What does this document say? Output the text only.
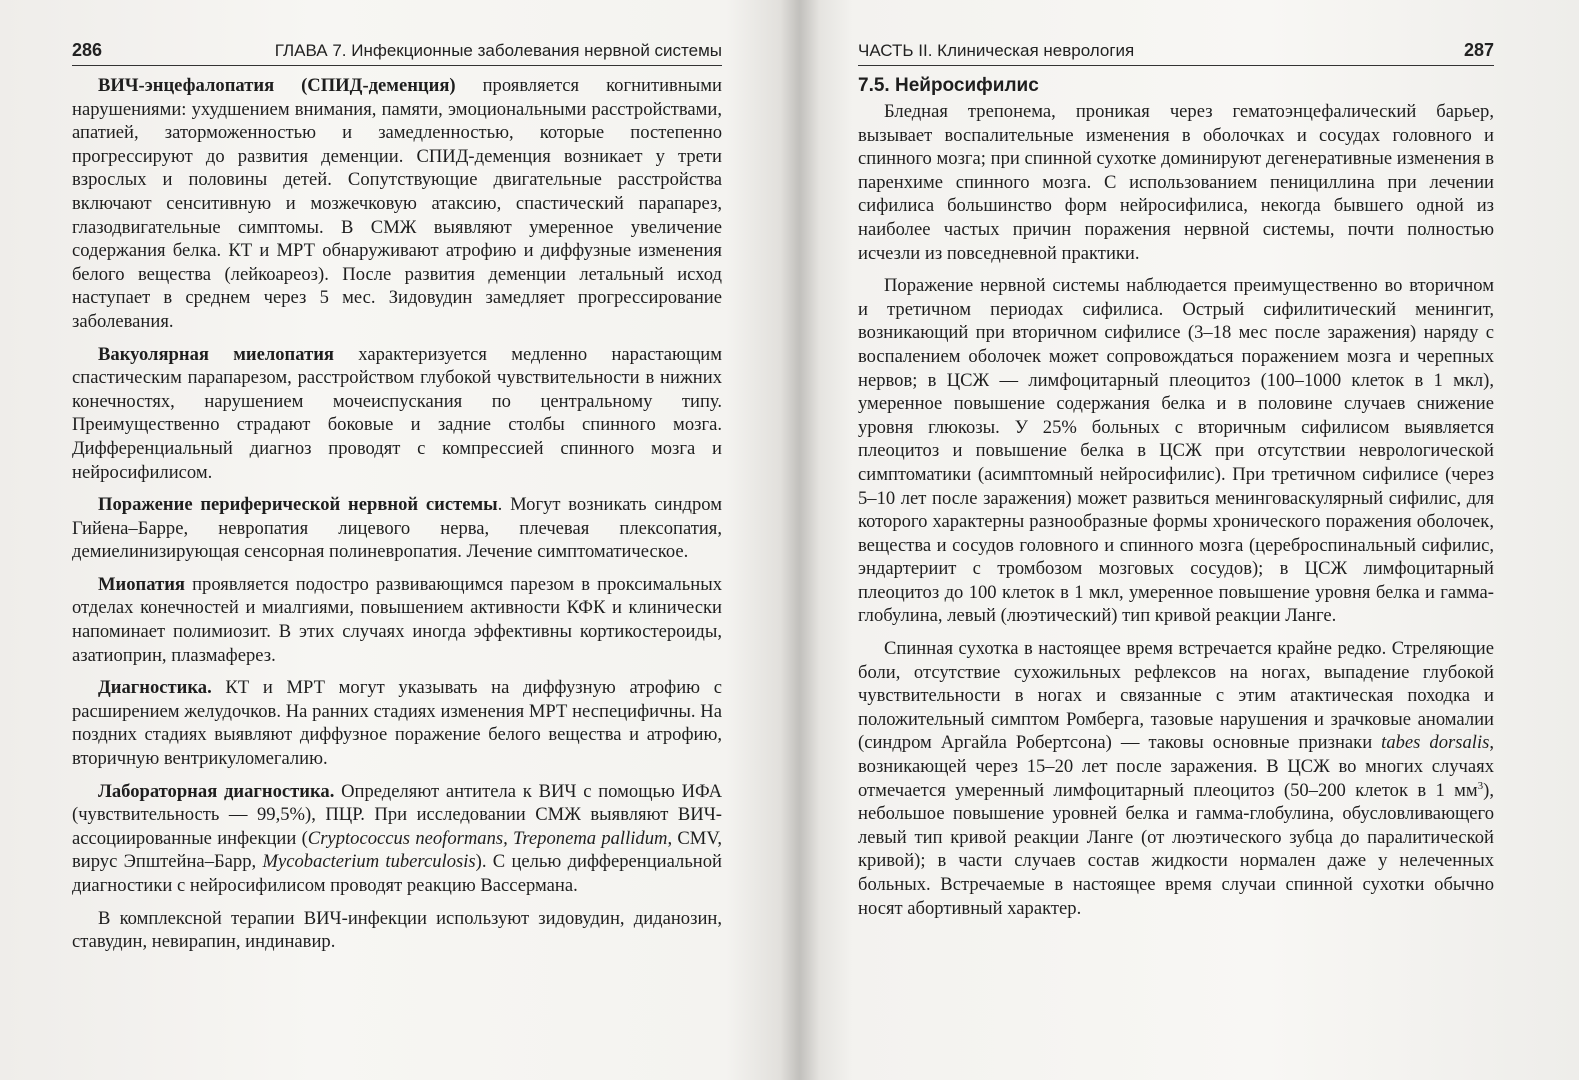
286	ГЛАВА 7. Инфекционные заболевания нервной системы

ВИЧ-энцефалопатия (СПИД-деменция) проявляется когнитивными нарушениями: ухудшением внимания, памяти, эмоциональными расстройствами, апатией, заторможенностью и замедленностью, которые постепенно прогрессируют до развития деменции. СПИД-деменция возникает у трети взрослых и половины детей. Сопутствующие двигательные расстройства включают сенситивную и мозжечковую атаксию, спастический парапарез, глазодвигательные симптомы. В СМЖ выявляют умеренное увеличение содержания белка. КТ и МРТ обнаруживают атрофию и диффузные изменения белого вещества (лейкоареоз). После развития деменции летальный исход наступает в среднем через 5 мес. Зидовудин замедляет прогрессирование заболевания.

Вакуолярная миелопатия характеризуется медленно нарастающим спастическим парапарезом, расстройством глубокой чувствительности в нижних конечностях, нарушением мочеиспускания по центральному типу. Преимущественно страдают боковые и задние столбы спинного мозга. Дифференциальный диагноз проводят с компрессией спинного мозга и нейросифилисом.

Поражение периферической нервной системы. Могут возникать синдром Гийена–Барре, невропатия лицевого нерва, плечевая плексопатия, демиелинизирующая сенсорная полиневропатия. Лечение симптоматическое.

Миопатия проявляется подостро развивающимся парезом в проксимальных отделах конечностей и миалгиями, повышением активности КФК и клинически напоминает полимиозит. В этих случаях иногда эффективны кортикостероиды, азатиоприн, плазмаферез.

Диагностика. КТ и МРТ могут указывать на диффузную атрофию с расширением желудочков. На ранних стадиях изменения МРТ неспецифичны. На поздних стадиях выявляют диффузное поражение белого вещества и атрофию, вторичную вентрикуломегалию.

Лабораторная диагностика. Определяют антитела к ВИЧ с помощью ИФА (чувствительность — 99,5%), ПЦР. При исследовании СМЖ выявляют ВИЧ-ассоциированные инфекции (Cryptococcus neoformans, Treponema pallidum, CMV, вирус Эпштейна–Барр, Mycobacterium tuberculosis). С целью дифференциальной диагностики с нейросифилисом проводят реакцию Вассермана.

В комплексной терапии ВИЧ-инфекции используют зидовудин, диданозин, ставудин, невирапин, индинавир.

ЧАСТЬ II. Клиническая неврология	287
7.5. Нейросифилис

Бледная трепонема, проникая через гематоэнцефалический барьер, вызывает воспалительные изменения в оболочках и сосудах головного и спинного мозга; при спинной сухотке доминируют дегенеративные изменения в паренхиме спинного мозга. С использованием пенициллина при лечении сифилиса большинство форм нейросифилиса, некогда бывшего одной из наиболее частых причин поражения нервной системы, почти полностью исчезли из повседневной практики.

Поражение нервной системы наблюдается преимущественно во вторичном и третичном периодах сифилиса. Острый сифилитический менингит, возникающий при вторичном сифилисе (3–18 мес после заражения) наряду с воспалением оболочек может сопровождаться поражением мозга и черепных нервов; в ЦСЖ — лимфоцитарный плеоцитоз (100–1000 клеток в 1 мкл), умеренное повышение содержания белка и в половине случаев снижение уровня глюкозы. У 25% больных с вторичным сифилисом выявляется плеоцитоз и повышение белка в ЦСЖ при отсутствии неврологической симптоматики (асимптомный нейросифилис). При третичном сифилисе (через 5–10 лет после заражения) может развиться менинговаскулярный сифилис, для которого характерны разнообразные формы хронического поражения оболочек, вещества и сосудов головного и спинного мозга (цереброспинальный сифилис, эндартериит с тромбозом мозговых сосудов); в ЦСЖ лимфоцитарный плеоцитоз до 100 клеток в 1 мкл, умеренное повышение уровня белка и гамма-глобулина, левый (люэтический) тип кривой реакции Ланге.

Спинная сухотка в настоящее время встречается крайне редко. Стреляющие боли, отсутствие сухожильных рефлексов на ногах, выпадение глубокой чувствительности в ногах и связанные с этим атактическая походка и положительный симптом Ромберга, тазовые нарушения и зрачковые аномалии (синдром Аргайла Робертсона) — таковы основные признаки tabes dorsalis, возникающей через 15–20 лет после заражения. В ЦСЖ во многих случаях отмечается умеренный лимфоцитарный плеоцитоз (50–200 клеток в 1 $мм^3$), небольшое повышение уровней белка и гамма-глобулина, обусловливающего левый тип кривой реакции Ланге (от люэтического зубца до паралитической кривой); в части случаев состав жидкости нормален даже у нелеченных больных. Встречаемые в настоящее время случаи спинной сухотки обычно носят абортивный характер.
